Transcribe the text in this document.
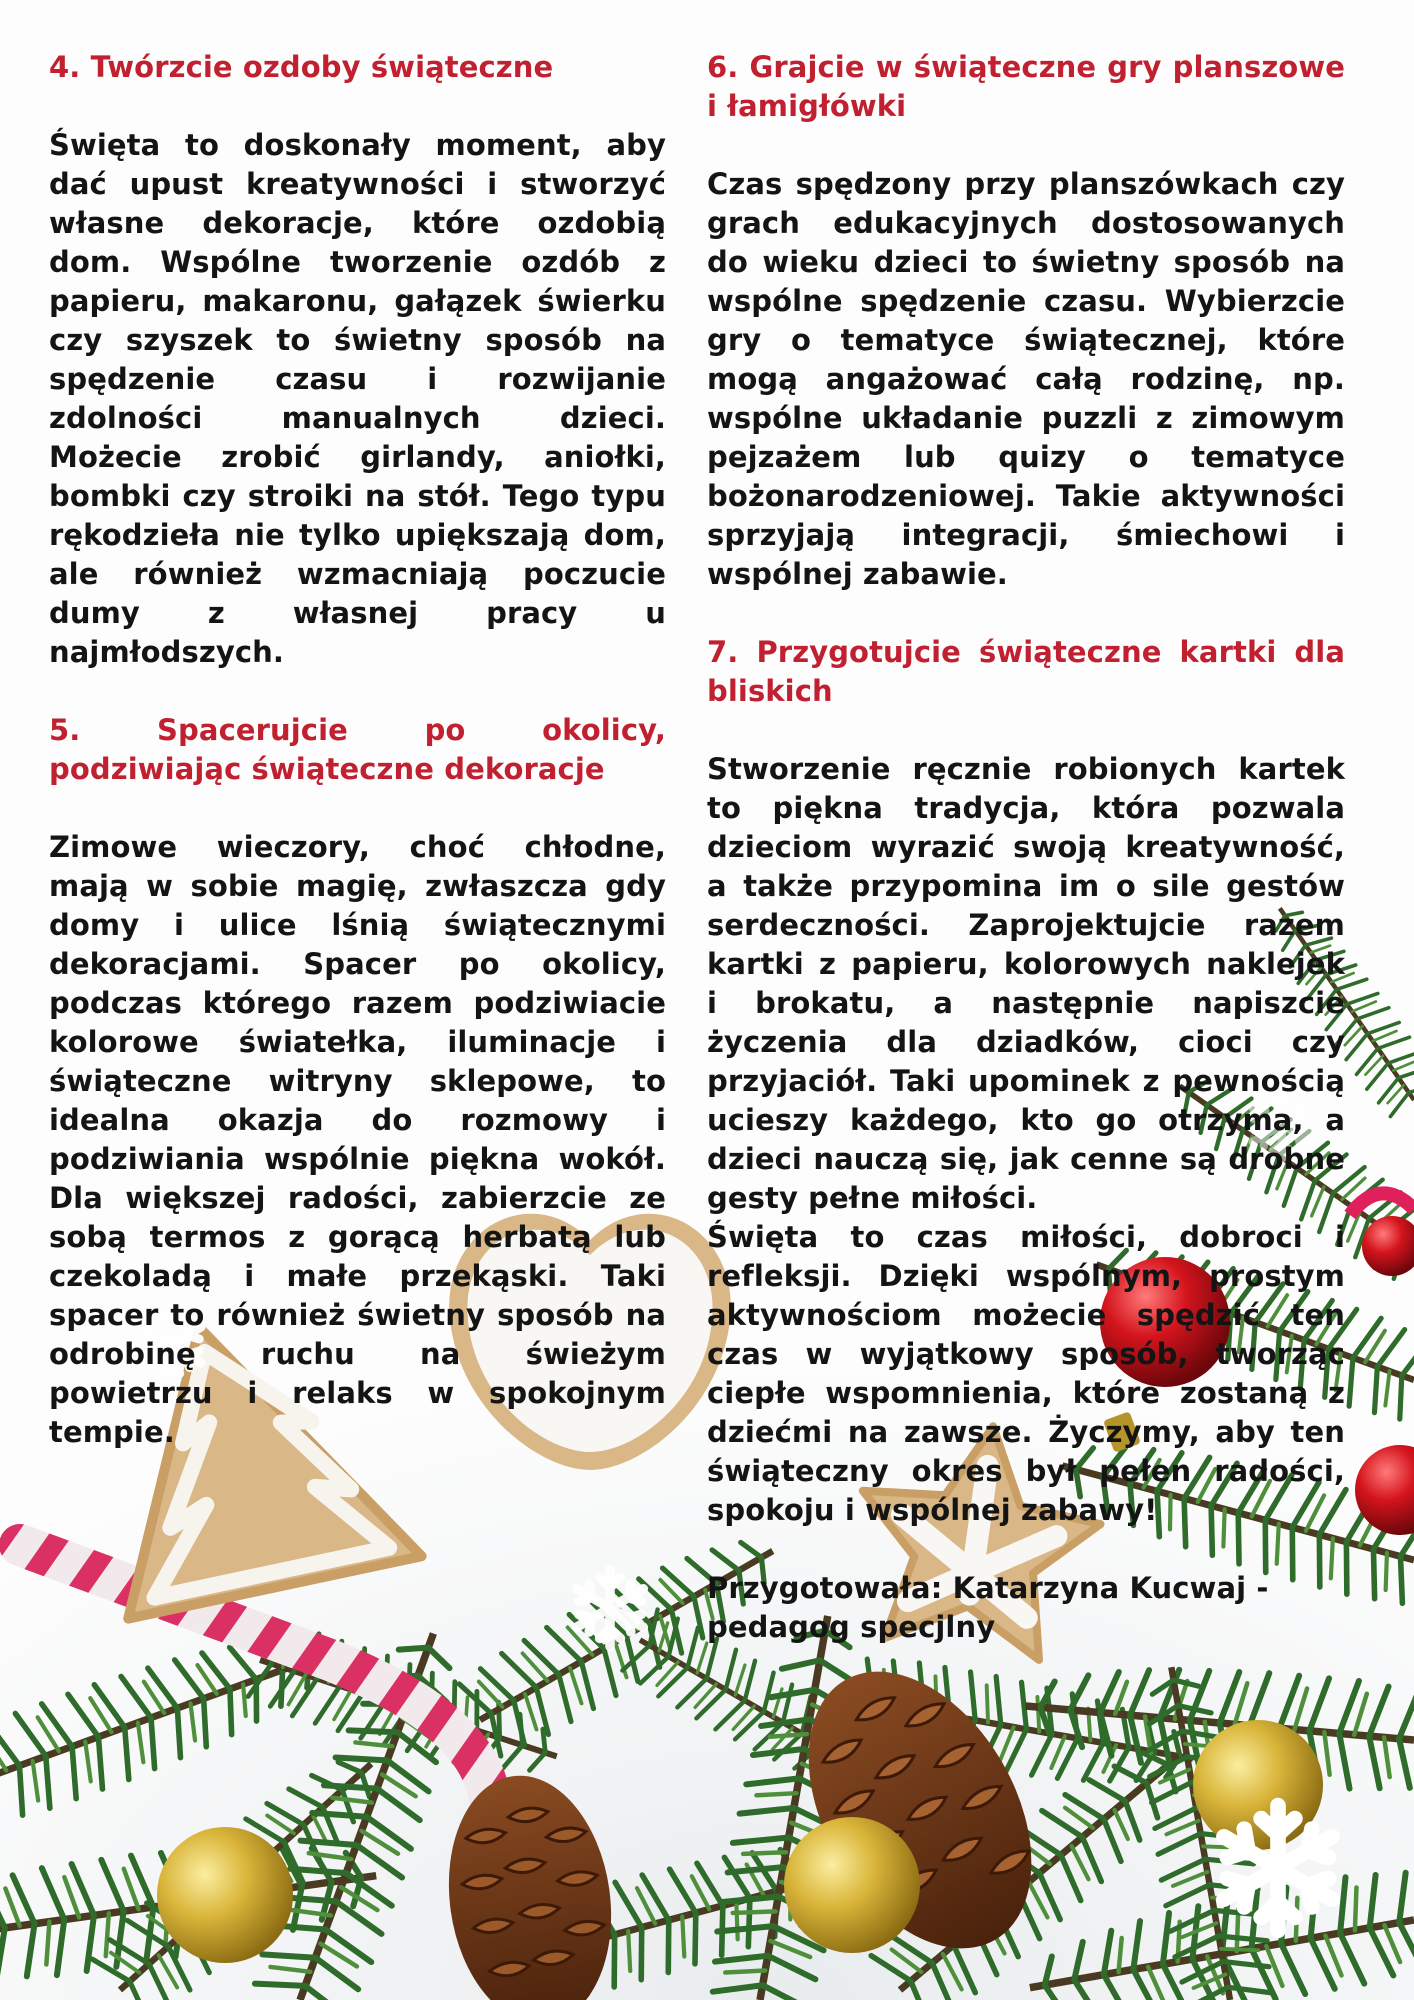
4. Twórzcie ozdoby świąteczne

Święta to doskonały moment, aby dać upust kreatywności i stworzyć własne dekoracje, które ozdobią dom. Wspólne tworzenie ozdób z papieru, makaronu, gałązek świerku czy szyszek to świetny sposób na spędzenie czasu i rozwijanie zdolności manualnych dzieci. Możecie zrobić girlandy, aniołki, bombki czy stroiki na stół. Tego typu rękodzieła nie tylko upiększają dom, ale również wzmacniają poczucie dumy z własnej pracy u najmłodszych.

5. Spacerujcie po okolicy, podziwiając świąteczne dekoracje

Zimowe wieczory, choć chłodne, mają w sobie magię, zwłaszcza gdy domy i ulice lśnią świątecznymi dekoracjami. Spacer po okolicy, podczas którego razem podziwiacie kolorowe światełka, iluminacje i świąteczne witryny sklepowe, to idealna okazja do rozmowy i podziwiania wspólnie piękna wokół. Dla większej radości, zabierzcie ze sobą termos z gorącą herbatą lub czekoladą i małe przekąski. Taki spacer to również świetny sposób na odrobinę ruchu na świeżym powietrzu i relaks w spokojnym tempie.

6. Grajcie w świąteczne gry planszowe i łamigłówki

Czas spędzony przy planszówkach czy grach edukacyjnych dostosowanych do wieku dzieci to świetny sposób na wspólne spędzenie czasu. Wybierzcie gry o tematyce świątecznej, które mogą angażować całą rodzinę, np. wspólne układanie puzzli z zimowym pejzażem lub quizy o tematyce bożonarodzeniowej. Takie aktywności sprzyjają integracji, śmiechowi i wspólnej zabawie.

7. Przygotujcie świąteczne kartki dla bliskich

Stworzenie ręcznie robionych kartek to piękna tradycja, która pozwala dzieciom wyrazić swoją kreatywność, a także przypomina im o sile gestów serdeczności. Zaprojektujcie razem kartki z papieru, kolorowych naklejek i brokatu, a następnie napiszcie życzenia dla dziadków, cioci czy przyjaciół. Taki upominek z pewnością ucieszy każdego, kto go otrzyma, a dzieci nauczą się, jak cenne są drobne gesty pełne miłości.

Święta to czas miłości, dobroci i refleksji. Dzięki wspólnym, prostym aktywnościom możecie spędzić ten czas w wyjątkowy sposób, tworząc ciepłe wspomnienia, które zostaną z dziećmi na zawsze. Życzymy, aby ten świąteczny okres był pełen radości, spokoju i wspólnej zabawy!

Przygotowała: Katarzyna Kucwaj -
pedagog specjlny
